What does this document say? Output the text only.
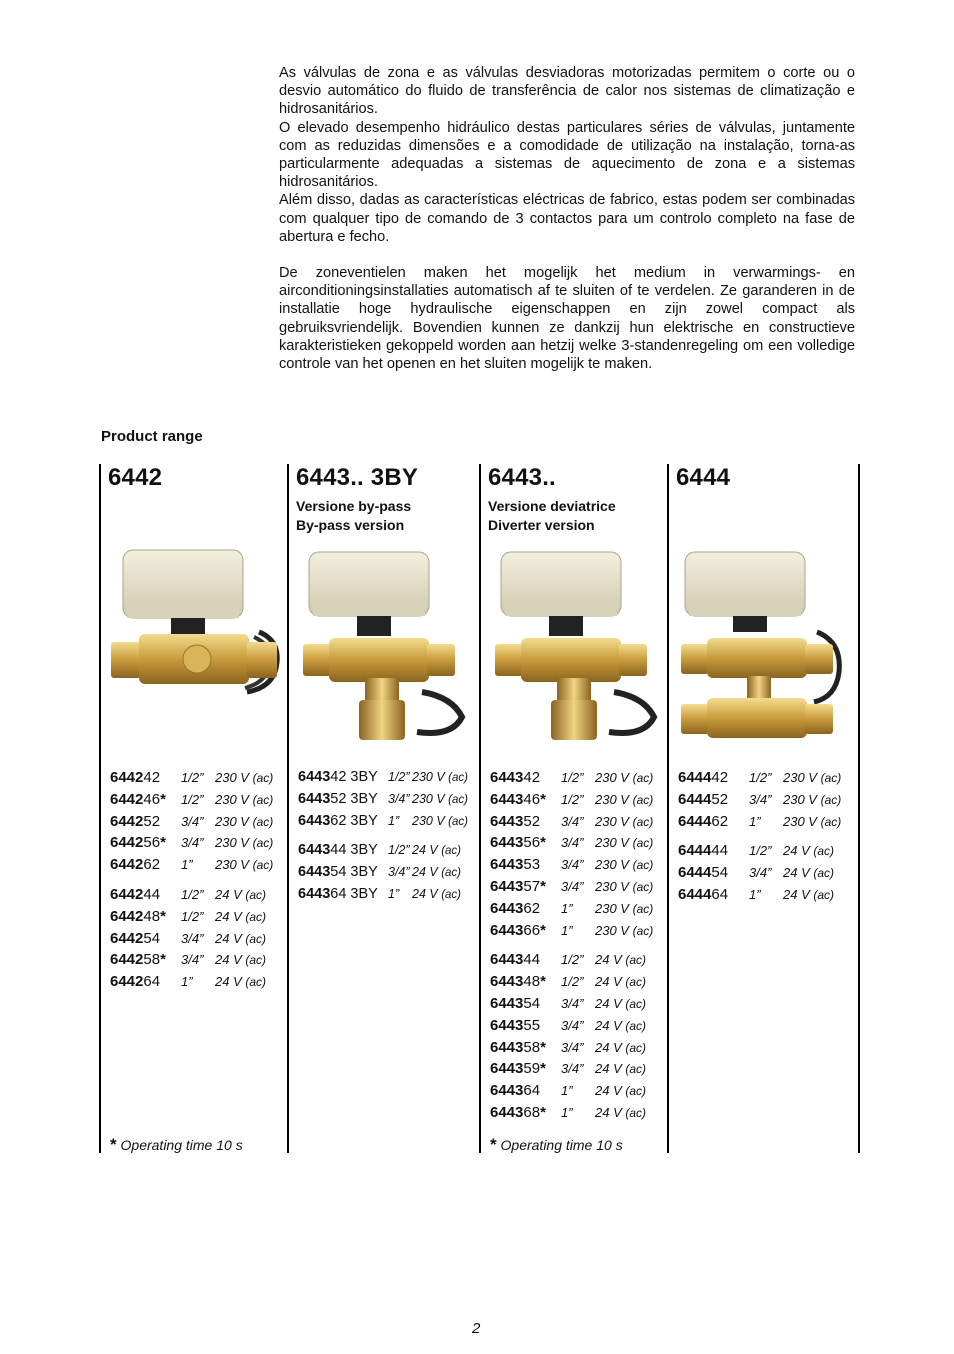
As válvulas de zona e as válvulas desviadoras motorizadas permitem o corte ou o desvio automático do fluido de transferência de calor nos sistemas de climatização e hidrosanitários.

O elevado desempenho hidráulico destas particulares séries de válvulas, juntamente com as reduzidas dimensões e a comodidade de utilização na instalação, torna-as particularmente adequadas a sistemas de aquecimento de zona e a sistemas hidrosanitários.

Além disso, dadas as características eléctricas de fabrico, estas podem ser combinadas com qualquer tipo de comando de 3 contactos para um controlo completo na fase de abertura e fecho.

De zoneventielen maken het mogelijk het medium in verwarmings- en airconditioningsinstallaties automatisch af te sluiten of te verdelen. Ze garanderen in de installatie hoge hydraulische eigenschappen en zijn zowel compact als gebruiksvriendelijk. Bovendien kunnen ze dankzij hun elektrische en constructieve karakteristieken gekoppeld worden aan hetzij welke 3-standenregeling om een volledige controle van het openen en het sluiten mogelijk te maken.

Product range
6442
644242 1/2” 230 V (ac)
644246* 1/2” 230 V (ac)
644252 3/4” 230 V (ac)
644256* 3/4” 230 V (ac)
644262 1” 230 V (ac)
644244 1/2” 24 V (ac)
644248* 1/2” 24 V (ac)
644254 3/4” 24 V (ac)
644258* 3/4” 24 V (ac)
644264 1” 24 V (ac)
* Operating time 10 s
6443.. 3BY
Versione by-pass
By-pass version
644342 3BY 1/2” 230 V (ac)
644352 3BY 3/4” 230 V (ac)
644362 3BY 1” 230 V (ac)
644344 3BY 1/2” 24 V (ac)
644354 3BY 3/4” 24 V (ac)
644364 3BY 1” 24 V (ac)
6443..
Versione deviatrice
Diverter version
644342 1/2” 230 V (ac)
644346* 1/2” 230 V (ac)
644352 3/4” 230 V (ac)
644356* 3/4” 230 V (ac)
644353 3/4” 230 V (ac)
644357* 3/4” 230 V (ac)
644362 1” 230 V (ac)
644366* 1” 230 V (ac)
644344 1/2” 24 V (ac)
644348* 1/2” 24 V (ac)
644354 3/4” 24 V (ac)
644355 3/4” 24 V (ac)
644358* 3/4” 24 V (ac)
644359* 3/4” 24 V (ac)
644364 1” 24 V (ac)
644368* 1” 24 V (ac)
* Operating time 10 s
6444
644442 1/2” 230 V (ac)
644452 3/4” 230 V (ac)
644462 1” 230 V (ac)
644444 1/2” 24 V (ac)
644454 3/4” 24 V (ac)
644464 1” 24 V (ac)
2
